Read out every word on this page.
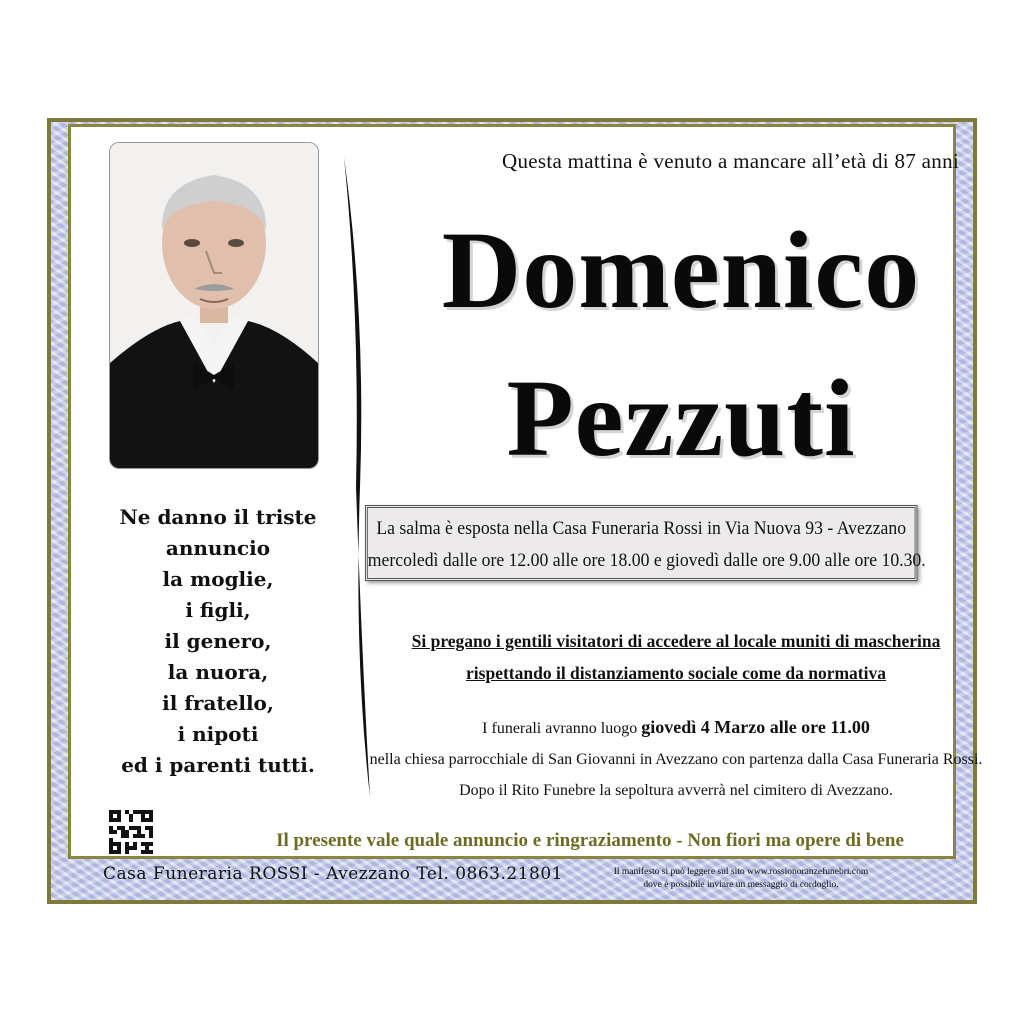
Questa mattina è venuto a mancare all’età di 87 anni
Domenico
Pezzuti
La salma è esposta nella Casa Funeraria Rossi in Via Nuova 93 - Avezzano
mercoledì dalle ore 12.00 alle ore 18.00 e giovedì dalle ore 9.00 alle ore 10.30.
Si pregano i gentili visitatori di accedere al locale muniti di mascherina
rispettando il distanziamento sociale come da normativa
I funerali avranno luogo giovedì 4 Marzo alle ore 11.00
nella chiesa parrocchiale di San Giovanni in Avezzano con partenza dalla Casa Funeraria Rossi.
Dopo il Rito Funebre la sepoltura avverrà nel cimitero di Avezzano.
Ne danno il triste
annuncio
la moglie,
i figli,
il genero,
la nuora,
il fratello,
i nipoti
ed i parenti tutti.
Il presente vale quale annuncio e ringraziamento - Non fiori ma opere di bene
Casa Funeraria ROSSI - Avezzano Tel. 0863.21801	Il manifesto si può leggere sul sito www.rossionoranzefunebri.com
dove è possibile inviare un messaggio di cordoglio.
